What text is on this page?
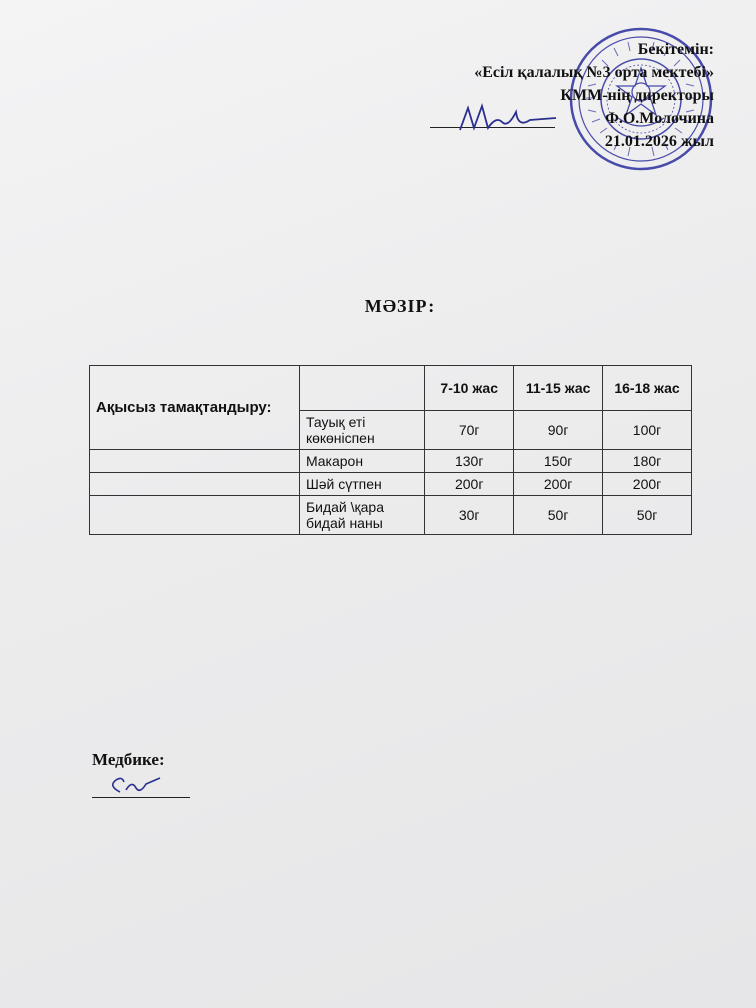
Бекітемін:
«Есіл қалалық №3 орта мектебі»
КММ-нің директоры
Ф.О.Молочина
21.01.2026 жыл
МӘЗІР:
Ақысыз тамақтандыру:		7-10 жас	11-15 жас	16-18 жас
	Тауық еті көкөніспен	70г	90г	100г
	Макарон	130г	150г	180г
	Шәй сүтпен	200г	200г	200г
	Бидай \қара бидай наны	30г	50г	50г
Медбике:
